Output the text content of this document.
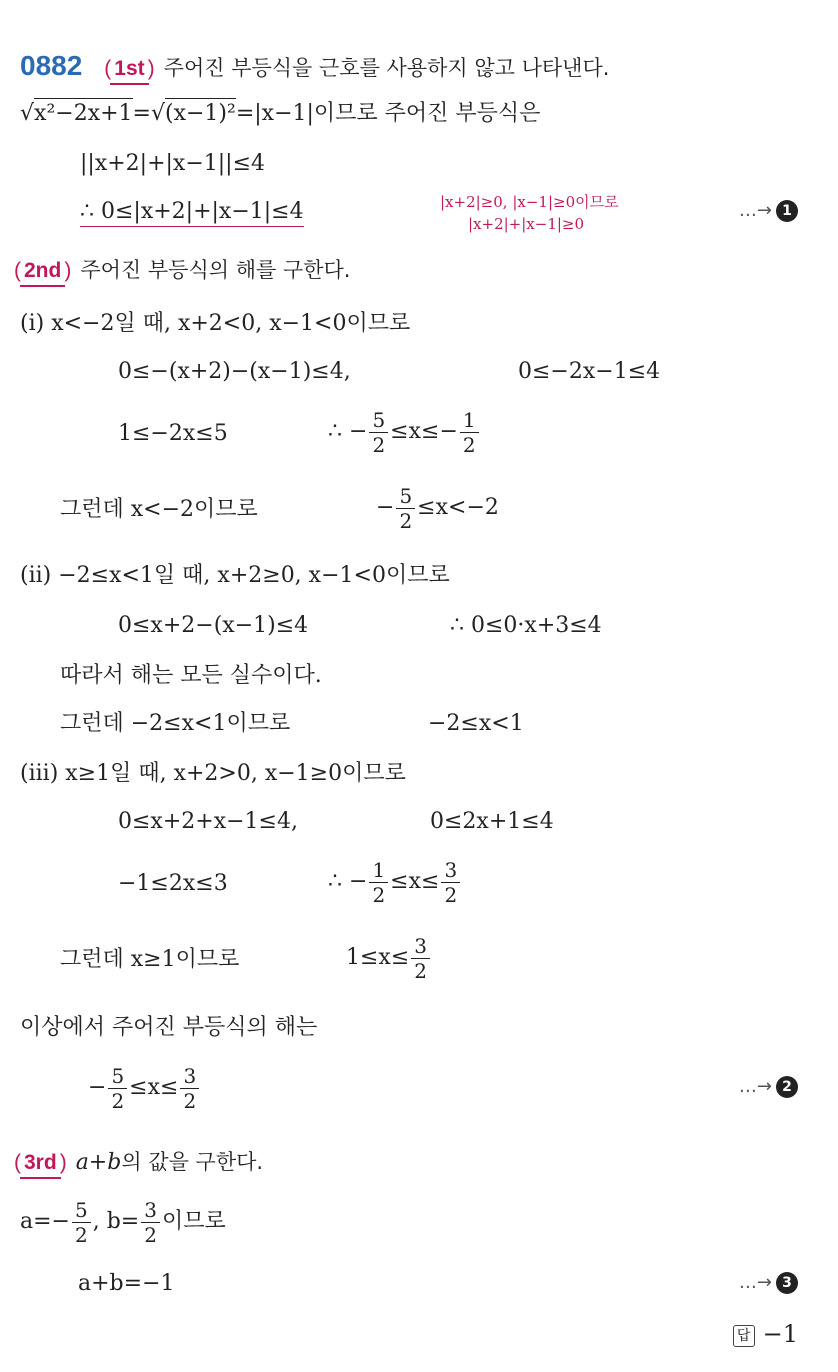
0882  ( 1st ) 주어진 부등식을 근호를 사용하지 않고 나타낸다.
√x²−2x+1=√(x−1)²=|x−1|이므로 주어진 부등식은
||x+2|+|x−1||≤4
∴ 0≤|x+2|+|x−1|≤4	|x+2|≥0, |x−1|≥0이므로
|x+2|+|x−1|≥0
…→ 1
( 2nd ) 주어진 부등식의 해를 구한다.
(i) x<−2일 때, x+2<0, x−1<0이므로
0≤−(x+2)−(x−1)≤4,	0≤−2x−1≤4
1≤−2x≤5	∴ − $\frac{5}{2} \le x\le- \frac{1}{2}$
그런데 x<−2이므로	− $\frac{5}{2} \le x<-2$
(ii) −2≤x<1일 때, x+2≥0, x−1<0이므로
0≤x+2−(x−1)≤4	∴ 0≤0·x+3≤4
따라서 해는 모든 실수이다.
그런데 −2≤x<1이므로	−2≤x<1
(iii) x≥1일 때, x+2>0, x−1≥0이므로
0≤x+2+x−1≤4,	0≤2x+1≤4
−1≤2x≤3	∴ − $\frac{1}{2} \le x\le \frac{3}{2}$
그런데 x≥1이므로	$1\le x\le \frac{3}{2}$
이상에서 주어진 부등식의 해는
− $\frac{5}{2} \le x\le \frac{3}{2}$	…→ 2
( 3rd ) a+b의 값을 구한다.
$a=- \frac{5}{2}$ , $b= \frac{3}{2}$ 이므로
a+b=−1	…→ 3
답 −1
